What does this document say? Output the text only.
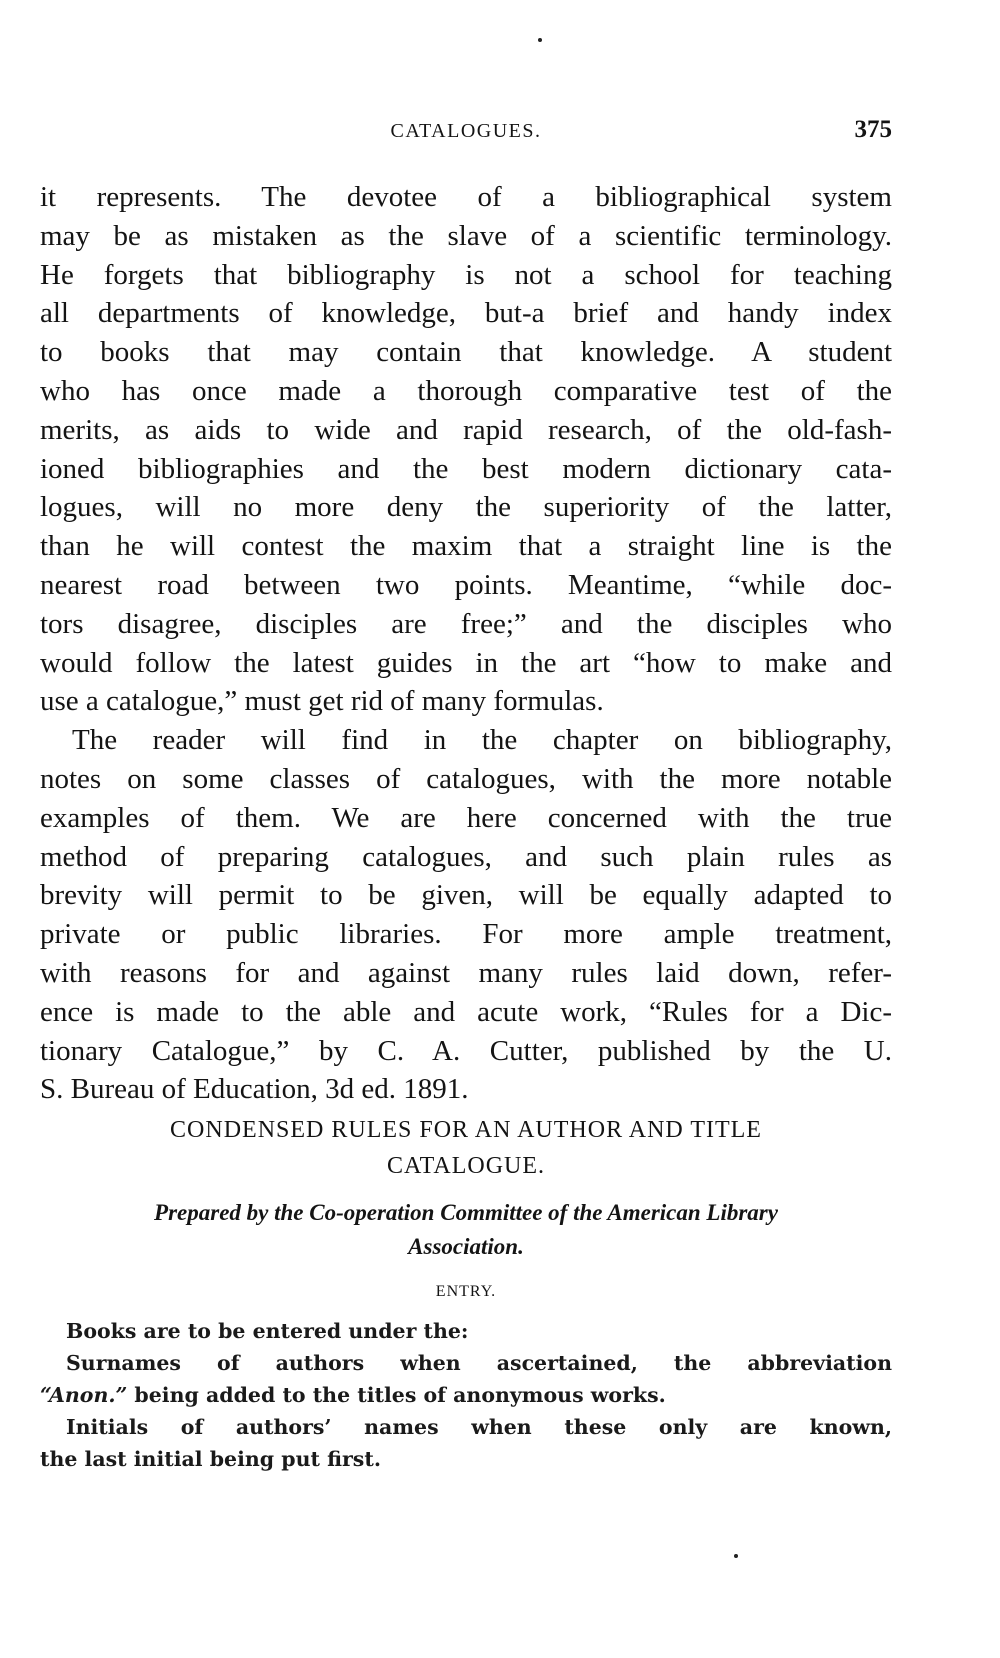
CATALOGUES.	375
it represents. The devotee of a bibliographical system
may be as mistaken as the slave of a scientific terminology.
He forgets that bibliography is not a school for teaching
all departments of knowledge, but-a brief and handy index
to books that may contain that knowledge. A student
who has once made a thorough comparative test of the
merits, as aids to wide and rapid research, of the old-fash-
ioned bibliographies and the best modern dictionary cata-
logues, will no more deny the superiority of the latter,
than he will contest the maxim that a straight line is the
nearest road between two points. Meantime, “while doc-
tors disagree, disciples are free;” and the disciples who
would follow the latest guides in the art “how to make and
use a catalogue,” must get rid of many formulas.
The reader will find in the chapter on bibliography,
notes on some classes of catalogues, with the more notable
examples of them. We are here concerned with the true
method of preparing catalogues, and such plain rules as
brevity will permit to be given, will be equally adapted to
private or public libraries. For more ample treatment,
with reasons for and against many rules laid down, refer-
ence is made to the able and acute work, “Rules for a Dic-
tionary Catalogue,” by C. A. Cutter, published by the U.
S. Bureau of Education, 3d ed. 1891.
CONDENSED RULES FOR AN AUTHOR AND TITLE
CATALOGUE.
Prepared by the Co-operation Committee of the American Library
Association.
ENTRY.
Books are to be entered under the:
Surnames of authors when ascertained, the abbreviation
“Anon.” being added to the titles of anonymous works.
Initials of authors’ names when these only are known,
the last initial being put first.
